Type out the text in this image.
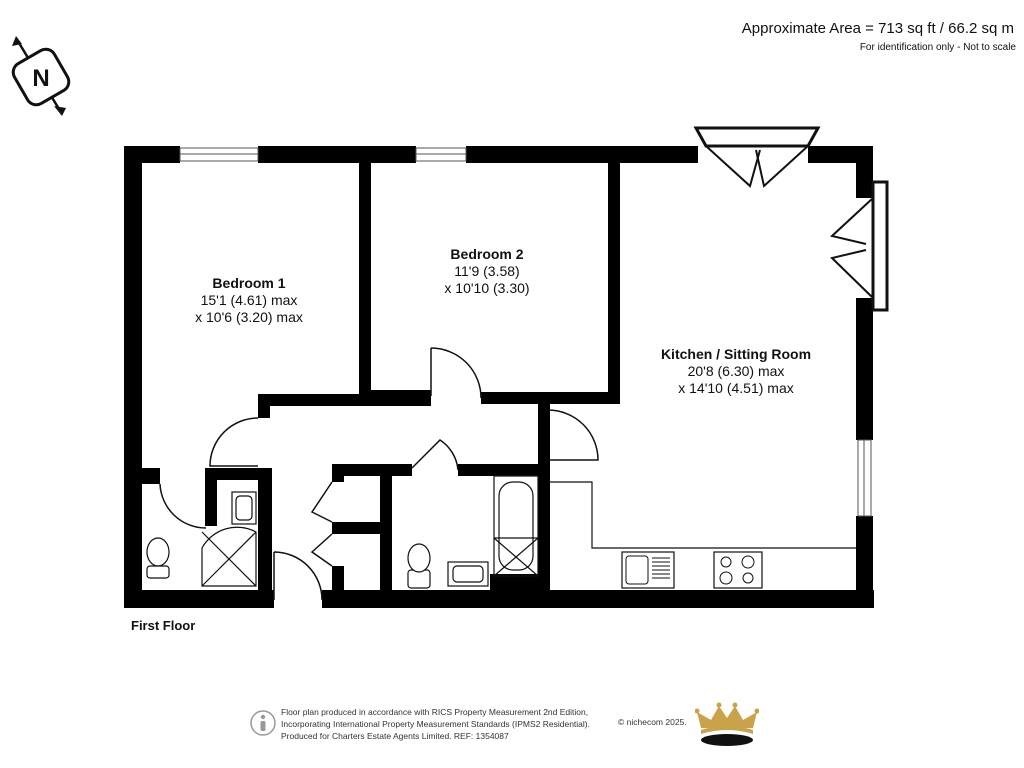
Approximate Area = 713 sq ft / 66.2 sq m
For identification only - Not to scale
N
Bedroom 1
15'1 (4.61) max
x 10'6 (3.20) max
Bedroom 2
11'9 (3.58)
x 10'10 (3.30)
Kitchen / Sitting Room
20'8 (6.30) max
x 14'10 (4.51) max
First Floor
Floor plan produced in accordance with RICS Property Measurement 2nd Edition,
Incorporating International Property Measurement Standards (IPMS2 Residential).
Produced for Charters Estate Agents Limited. REF: 1354087
© nichecom 2025.
